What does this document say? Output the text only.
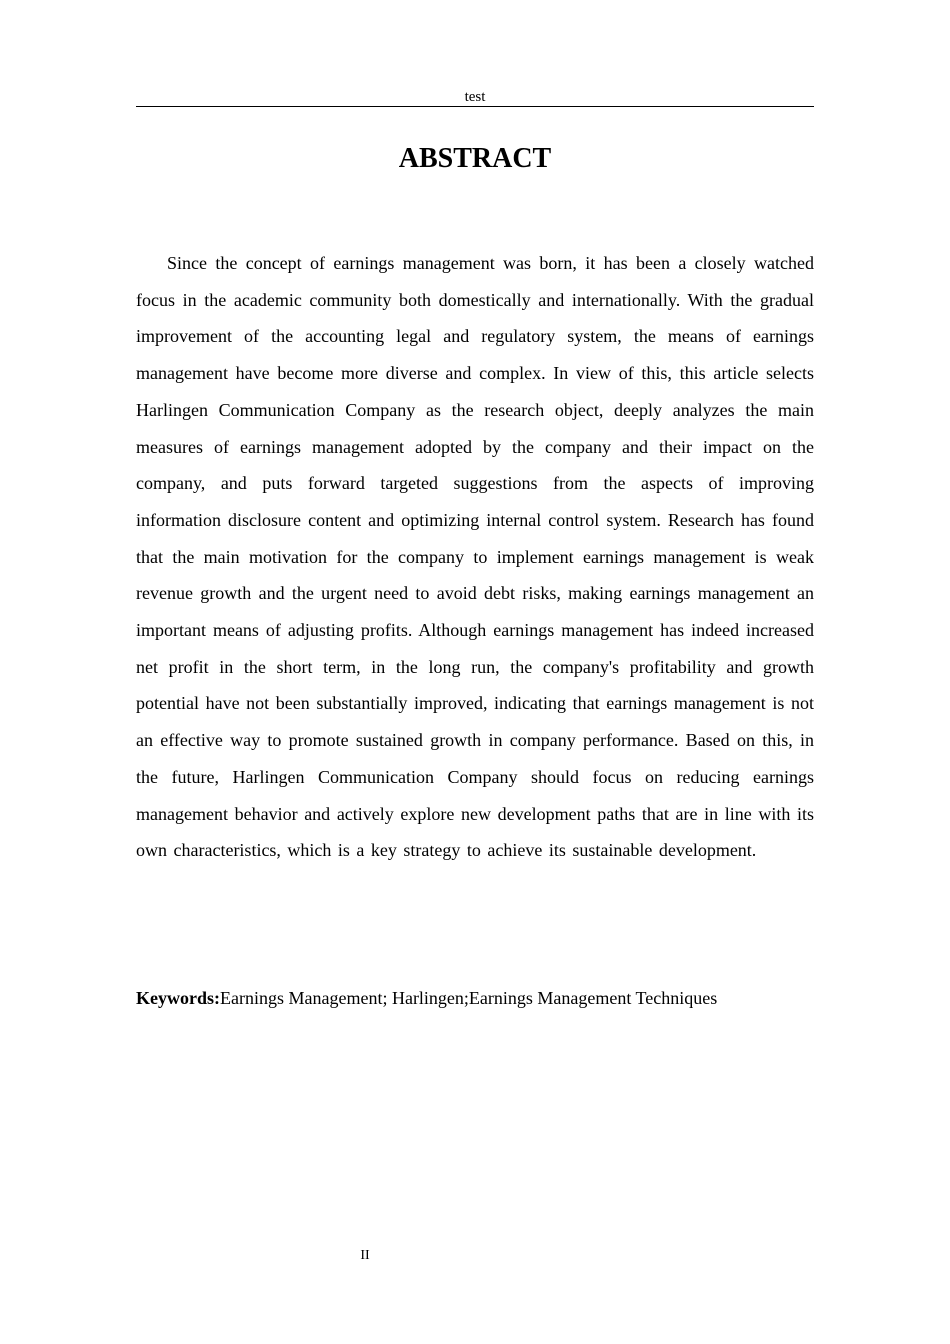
test
ABSTRACT

Since the concept of earnings management was born, it has been a closely watched focus in the academic community both domestically and internationally. With the gradual improvement of the accounting legal and regulatory system, the means of earnings management have become more diverse and complex. In view of this, this article selects Harlingen Communication Company as the research object, deeply analyzes the main measures of earnings management adopted by the company and their impact on the company, and puts forward targeted suggestions from the aspects of improving information disclosure content and optimizing internal control system. Research has found that the main motivation for the company to implement earnings management is weak revenue growth and the urgent need to avoid debt risks, making earnings management an important means of adjusting profits. Although earnings management has indeed increased net profit in the short term, in the long run, the company's profitability and growth potential have not been substantially improved, indicating that earnings management is not an effective way to promote sustained growth in company performance. Based on this, in the future, Harlingen Communication Company should focus on reducing earnings management behavior and actively explore new development paths that are in line with its own characteristics, which is a key strategy to achieve its sustainable development.

Keywords:Earnings Management; Harlingen;Earnings Management Techniques

II
